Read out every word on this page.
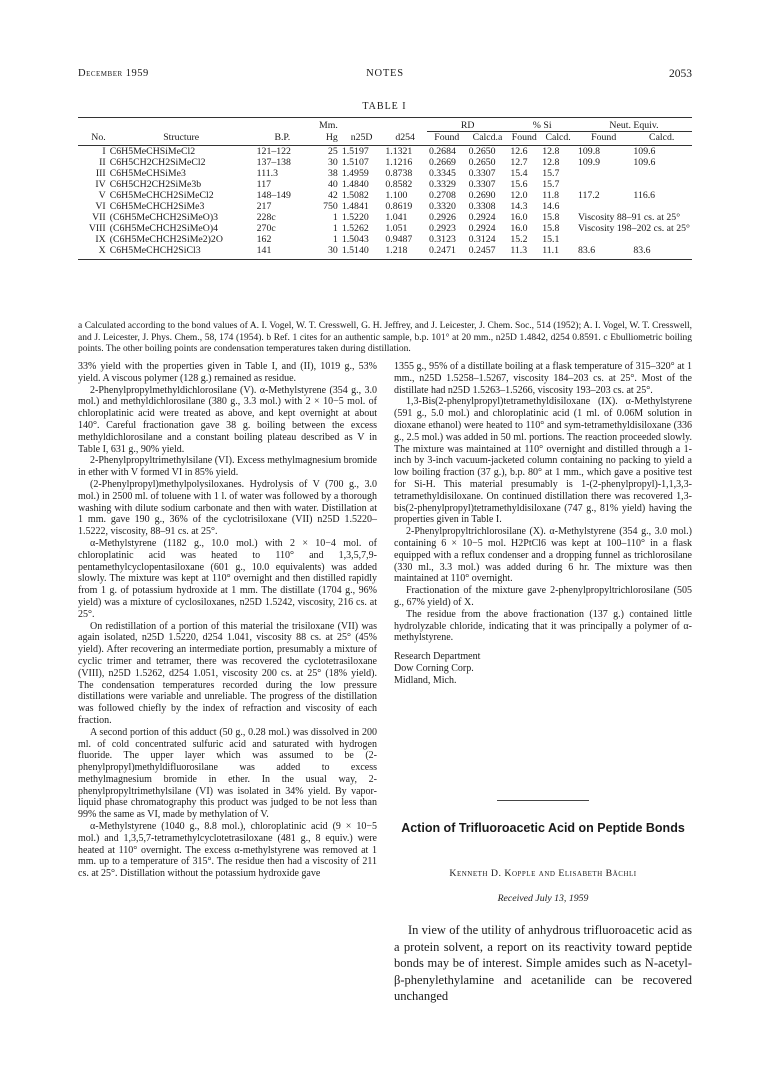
December 1959	NOTES	2053
TABLE I
			Mm.			RD		% Si		Neut. Equiv.	
No.	Structure	B.P.	Hg	n25D	d254	Found	Calcd.a	Found	Calcd.	Found	Calcd.
I	C6H5MeCHSiMeCl2	121–122	25	1.5197	1.1321	0.2684	0.2650	12.6	12.8	109.8	109.6
II	C6H5CH2CH2SiMeCl2	137–138	30	1.5107	1.1216	0.2669	0.2650	12.7	12.8	109.9	109.6
III	C6H5MeCHSiMe3	111.3	38	1.4959	0.8738	0.3345	0.3307	15.4	15.7		
IV	C6H5CH2CH2SiMe3b	117	40	1.4840	0.8582	0.3329	0.3307	15.6	15.7		
V	C6H5MeCHCH2SiMeCl2	148–149	42	1.5082	1.100	0.2708	0.2690	12.0	11.8	117.2	116.6
VI	C6H5MeCHCH2SiMe3	217	750	1.4841	0.8619	0.3320	0.3308	14.3	14.6		
VII	(C6H5MeCHCH2SiMeO)3	228c	1	1.5220	1.041	0.2926	0.2924	16.0	15.8	Viscosity 88–91 cs. at 25°	
VIII	(C6H5MeCHCH2SiMeO)4	270c	1	1.5262	1.051	0.2923	0.2924	16.0	15.8	Viscosity 198–202 cs. at 25°	
IX	(C6H5MeCHCH2SiMe2)2O	162	1	1.5043	0.9487	0.3123	0.3124	15.2	15.1		
X	C6H5MeCHCH2SiCl3	141	30	1.5140	1.218	0.2471	0.2457	11.3	11.1	83.6	83.6
a Calculated according to the bond values of A. I. Vogel, W. T. Cresswell, G. H. Jeffrey, and J. Leicester, J. Chem. Soc., 514 (1952); A. I. Vogel, W. T. Cresswell, and J. Leicester, J. Phys. Chem., 58, 174 (1954). b Ref. 1 cites for an authentic sample, b.p. 101° at 20 mm., n25D 1.4842, d254 0.8591. c Ebulliometric boiling points. The other boiling points are condensation temperatures taken during distillation.

33% yield with the properties given in Table I, and (II), 1019 g., 53% yield. A viscous polymer (128 g.) remained as residue.

2-Phenylpropylmethyldichlorosilane (V). α-Methylstyrene (354 g., 3.0 mol.) and methyldichlorosilane (380 g., 3.3 mol.) with 2 × 10−5 mol. of chloroplatinic acid were treated as above, and kept overnight at about 140°. Careful fractionation gave 38 g. boiling between the excess methyldichlorosilane and a constant boiling plateau described as V in Table I, 631 g., 90% yield.

2-Phenylpropyltrimethylsilane (VI). Excess methylmagnesium bromide in ether with V formed VI in 85% yield.

(2-Phenylpropyl)methylpolysiloxanes. Hydrolysis of V (700 g., 3.0 mol.) in 2500 ml. of toluene with 1 l. of water was followed by a thorough washing with dilute sodium carbonate and then with water. Distillation at 1 mm. gave 190 g., 36% of the cyclotrisiloxane (VII) n25D 1.5220–1.5222, viscosity, 88–91 cs. at 25°.

α-Methylstyrene (1182 g., 10.0 mol.) with 2 × 10−4 mol. of chloroplatinic acid was heated to 110° and 1,3,5,7,9-pentamethylcyclopentasiloxane (601 g., 10.0 equivalents) was added slowly. The mixture was kept at 110° overnight and then distilled rapidly from 1 g. of potassium hydroxide at 1 mm. The distillate (1704 g., 96% yield) was a mixture of cyclosiloxanes, n25D 1.5242, viscosity, 216 cs. at 25°.

On redistillation of a portion of this material the trisiloxane (VII) was again isolated, n25D 1.5220, d254 1.041, viscosity 88 cs. at 25° (45% yield). After recovering an intermediate portion, presumably a mixture of cyclic trimer and tetramer, there was recovered the cyclotetrasiloxane (VIII), n25D 1.5262, d254 1.051, viscosity 200 cs. at 25° (18% yield). The condensation temperatures recorded during the low pressure distillations were variable and unreliable. The progress of the distillation was followed chiefly by the index of refraction and viscosity of each fraction.

A second portion of this adduct (50 g., 0.28 mol.) was dissolved in 200 ml. of cold concentrated sulfuric acid and saturated with hydrogen fluoride. The upper layer which was assumed to be (2-phenylpropyl)methyldifluorosilane was added to excess methylmagnesium bromide in ether. In the usual way, 2-phenylpropyltrimethylsilane (VI) was isolated in 34% yield. By vapor-liquid phase chromatography this product was judged to be not less than 99% the same as VI, made by methylation of V.

α-Methylstyrene (1040 g., 8.8 mol.), chloroplatinic acid (9 × 10−5 mol.) and 1,3,5,7-tetramethylcyclotetrasiloxane (481 g., 8 equiv.) were heated at 110° overnight. The excess α-methylstyrene was removed at 1 mm. up to a temperature of 315°. The residue then had a viscosity of 211 cs. at 25°. Distillation without the potassium hydroxide gave

1355 g., 95% of a distillate boiling at a flask temperature of 315–320° at 1 mm., n25D 1.5258–1.5267, viscosity 184–203 cs. at 25°. Most of the distillate had n25D 1.5263–1.5266, viscosity 193–203 cs. at 25°.

1,3-Bis(2-phenylpropyl)tetramethyldisiloxane (IX). α-Methylstyrene (591 g., 5.0 mol.) and chloroplatinic acid (1 ml. of 0.06M solution in dioxane ethanol) were heated to 110° and sym-tetramethyldisiloxane (336 g., 2.5 mol.) was added in 50 ml. portions. The reaction proceeded slowly. The mixture was maintained at 110° overnight and distilled through a 1-inch by 3-inch vacuum-jacketed column containing no packing to yield a low boiling fraction (37 g.), b.p. 80° at 1 mm., which gave a positive test for Si-H. This material presumably is 1-(2-phenylpropyl)-1,1,3,3-tetramethyldisiloxane. On continued distillation there was recovered 1,3-bis(2-phenylpropyl)tetramethyldisiloxane (747 g., 81% yield) having the properties given in Table I.

2-Phenylpropyltrichlorosilane (X). α-Methylstyrene (354 g., 3.0 mol.) containing 6 × 10−5 mol. H2PtCl6 was kept at 100–110° in a flask equipped with a reflux condenser and a dropping funnel as trichlorosilane (330 ml., 3.3 mol.) was added during 6 hr. The mixture was then maintained at 110° overnight.

Fractionation of the mixture gave 2-phenylpropyltrichlorosilane (505 g., 67% yield) of X.

The residue from the above fractionation (137 g.) contained little hydrolyzable chloride, indicating that it was principally a polymer of α-methylstyrene.

Research Department
Dow Corning Corp.
Midland, Mich.

Action of Trifluoroacetic Acid on Peptide Bonds
Kenneth D. Kopple and Elisabeth Bächli
Received July 13, 1959

In view of the utility of anhydrous trifluoroacetic acid as a protein solvent, a report on its reactivity toward peptide bonds may be of interest. Simple amides such as N-acetyl-β-phenylethylamine and acetanilide can be recovered unchanged
